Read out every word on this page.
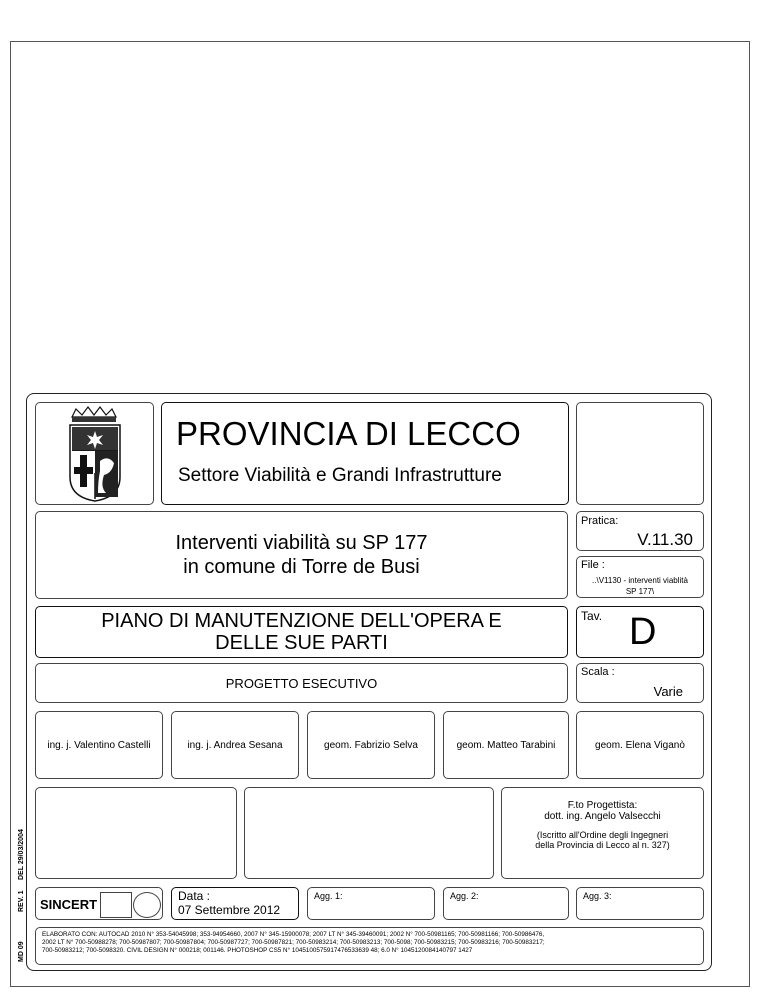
MD 09
REV. 1
DEL 29/03/2004
PROVINCIA DI LECCO
Settore Viabilità e Grandi Infrastrutture
Interventi viabilità su SP 177
in comune di Torre de Busi
Pratica:
V.11.30
File :
..\V1130 - interventi viablità
SP 177\
PIANO DI MANUTENZIONE DELL'OPERA E
DELLE SUE PARTI
Tav. D
PROGETTO ESECUTIVO
Scala :
Varie
ing. j. Valentino Castelli	ing. j. Andrea Sesana	geom. Fabrizio Selva	geom. Matteo Tarabini	geom. Elena Viganò
F.to Progettista:
dott. ing. Angelo Valsecchi
(Iscritto all'Ordine degli Ingegneri
della Provincia di Lecco al n. 327)
SINCERT
Data :
07 Settembre 2012
Agg. 1:	Agg. 2:	Agg. 3:
ELABORATO CON: AUTOCAD 2010 N° 353-54045998; 353-94954660, 2007 N° 345-15900078; 2007 LT N° 345-39460091; 2002 N° 700-50981165; 700-50981166; 700-50986476,
2002 LT N° 700-50988278; 700-50987807; 700-50987804; 700-50987727; 700-50987821; 700-50983214; 700-50983213; 700-5098; 700-50983215; 700-50983216; 700-50983217;
700-50983212; 700-5098320. CIVIL DESIGN N° 000218; 001146. PHOTOSHOP CS5 N° 1045100575917476533639 48; 6.0 N° 1045120084140797 1427
